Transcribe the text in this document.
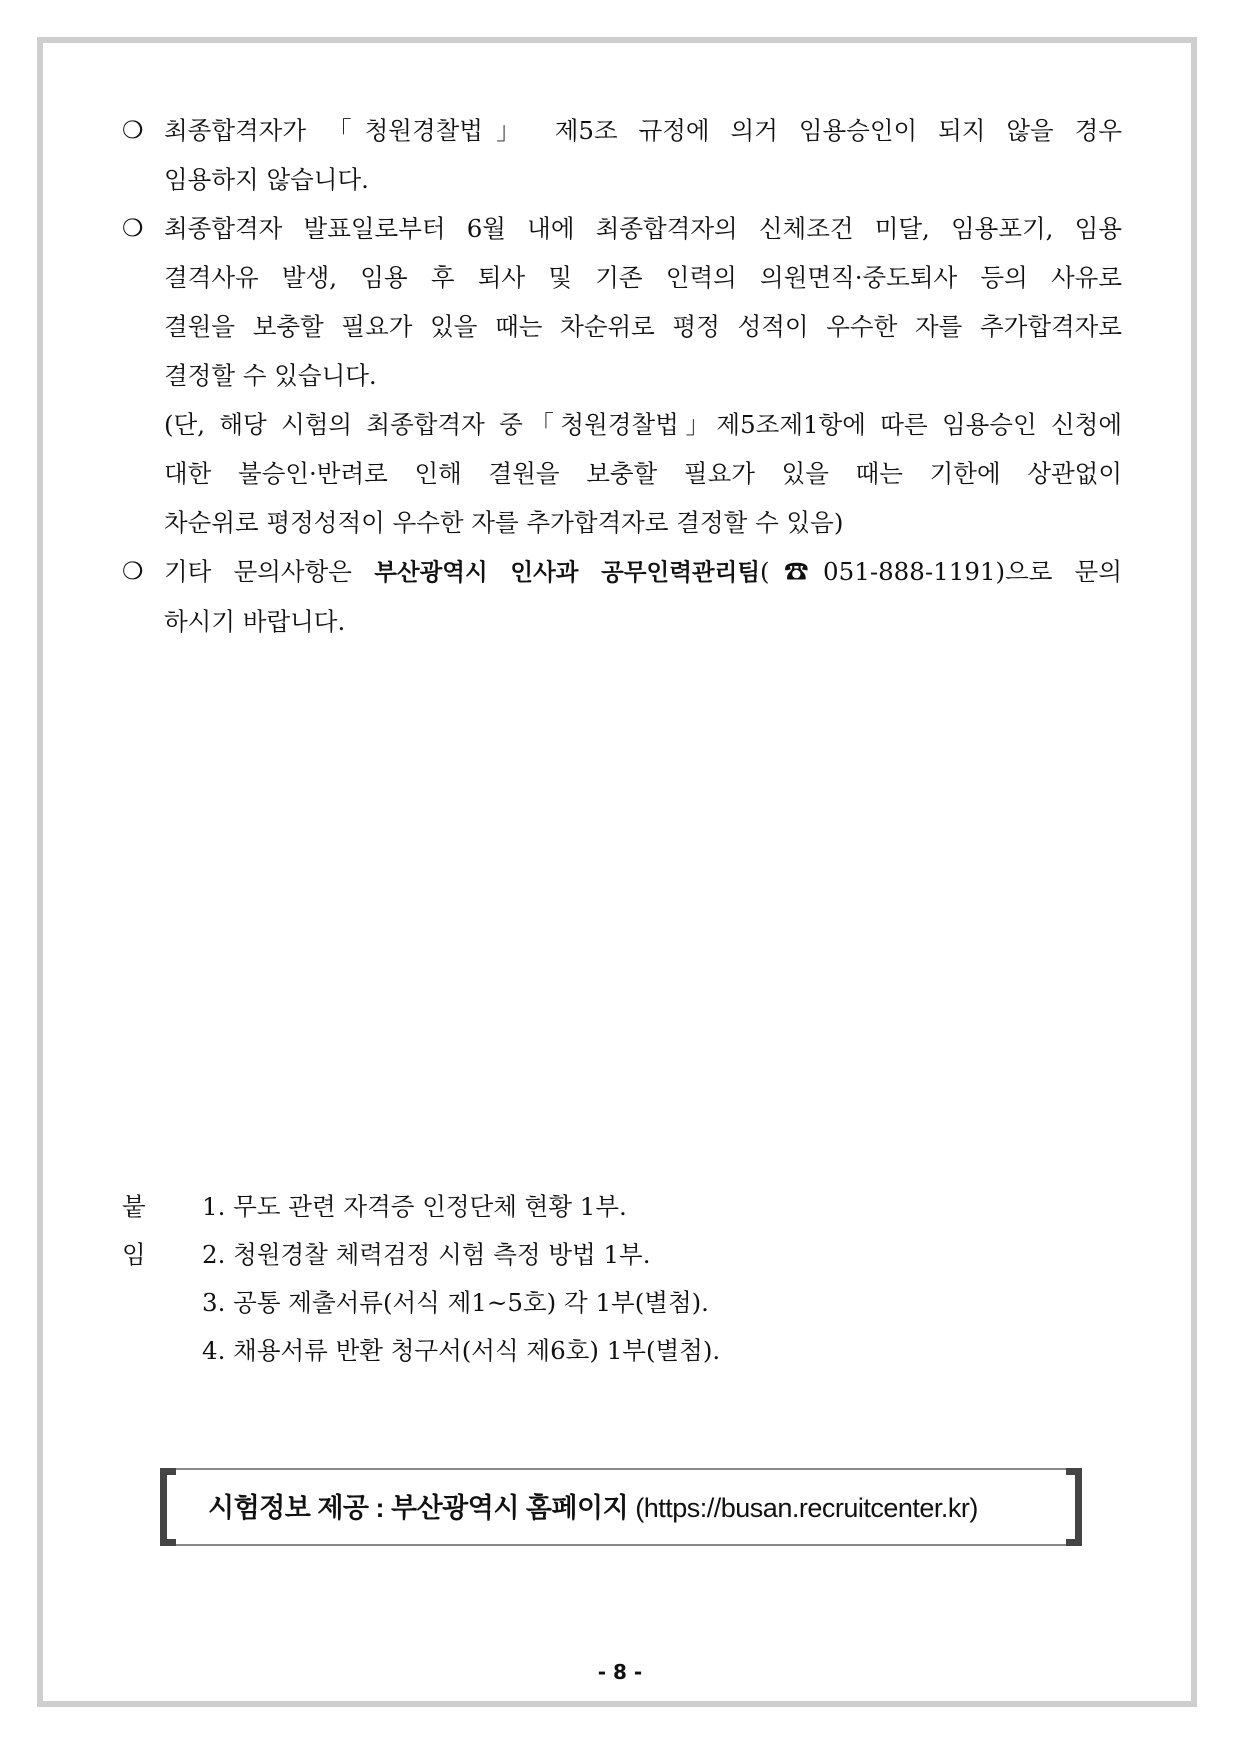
❍ 최종합격자가 「청원경찰법」 제5조 규정에 의거 임용승인이 되지 않을 경우
임용하지 않습니다.
❍ 최종합격자 발표일로부터 6월 내에 최종합격자의 신체조건 미달, 임용포기, 임용
결격사유 발생, 임용 후 퇴사 및 기존 인력의 의원면직·중도퇴사 등의 사유로
결원을 보충할 필요가 있을 때는 차순위로 평정 성적이 우수한 자를 추가합격자로
결정할 수 있습니다.
(단, 해당 시험의 최종합격자 중「청원경찰법」제5조제1항에 따른 임용승인 신청에
대한 불승인·반려로 인해 결원을 보충할 필요가 있을 때는 기한에 상관없이
차순위로 평정성적이 우수한 자를 추가합격자로 결정할 수 있음)
❍ 기타 문의사항은 부산광역시 인사과 공무인력관리팀(☎051-888-1191)으로 문의
하시기 바랍니다.
붙임
1. 무도 관련 자격증 인정단체 현황 1부.
2. 청원경찰 체력검정 시험 측정 방법 1부.
3. 공통 제출서류(서식 제1~5호) 각 1부(별첨).
4. 채용서류 반환 청구서(서식 제6호) 1부(별첨).
시험정보 제공 : 부산광역시 홈페이지 (https://busan.recruitcenter.kr)
- 8 -
